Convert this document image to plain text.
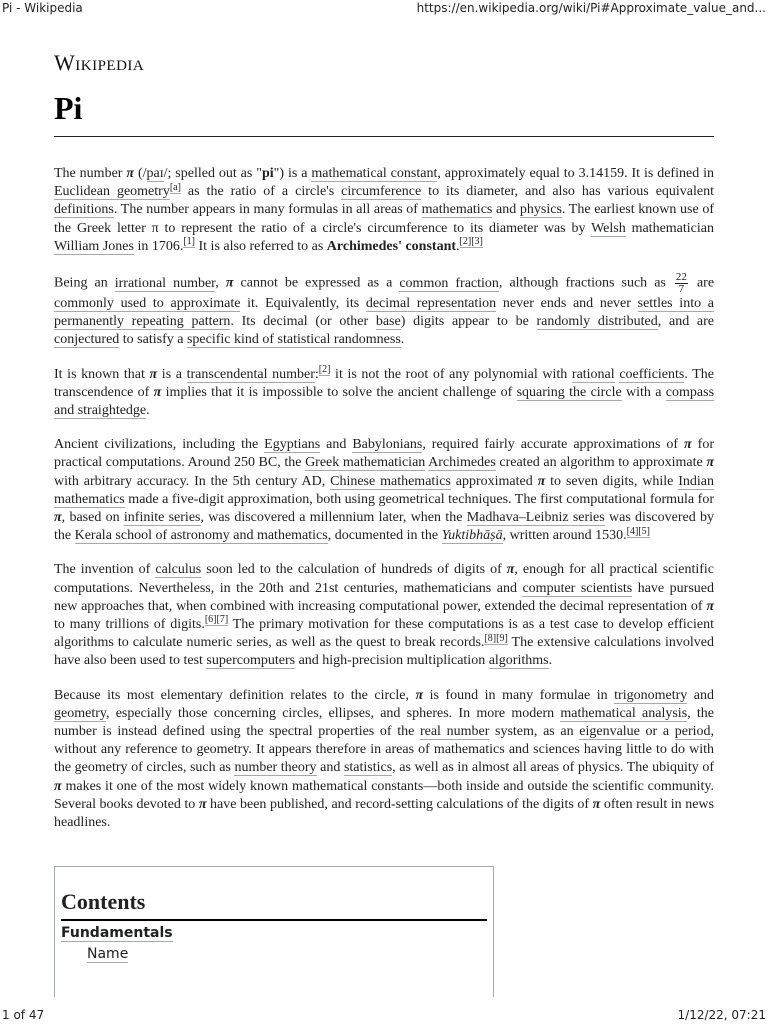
Pi - Wikipedia	https://en.wikipedia.org/wiki/Pi#Approximate_value_and...
Wikipedia
Pi

The number π (/paɪ/; spelled out as "pi") is a mathematical constant, approximately equal to 3.14159. It is defined in Euclidean geometry[a] as the ratio of a circle's circumference to its diameter, and also has various equivalent definitions. The number appears in many formulas in all areas of mathematics and physics. The earliest known use of the Greek letter π to represent the ratio of a circle's circumference to its diameter was by Welsh mathematician William Jones in 1706.[1] It is also referred to as Archimedes' constant.[2][3]

Being an irrational number, π cannot be expressed as a common fraction, although fractions such as $\frac{22}{7}$ are commonly used to approximate it. Equivalently, its decimal representation never ends and never settles into a permanently repeating pattern. Its decimal (or other base) digits appear to be randomly distributed, and are conjectured to satisfy a specific kind of statistical randomness.

It is known that π is a transcendental number:[2] it is not the root of any polynomial with rational coefficients. The transcendence of π implies that it is impossible to solve the ancient challenge of squaring the circle with a compass and straightedge.

Ancient civilizations, including the Egyptians and Babylonians, required fairly accurate approximations of π for practical computations. Around 250 BC, the Greek mathematician Archimedes created an algorithm to approximate π with arbitrary accuracy. In the 5th century AD, Chinese mathematics approximated π to seven digits, while Indian mathematics made a five-digit approximation, both using geometrical techniques. The first computational formula for π, based on infinite series, was discovered a millennium later, when the Madhava–Leibniz series was discovered by the Kerala school of astronomy and mathematics, documented in the Yuktibhāṣā, written around 1530.[4][5]

The invention of calculus soon led to the calculation of hundreds of digits of π, enough for all practical scientific computations. Nevertheless, in the 20th and 21st centuries, mathematicians and computer scientists have pursued new approaches that, when combined with increasing computational power, extended the decimal representation of π to many trillions of digits.[6][7] The primary motivation for these computations is as a test case to develop efficient algorithms to calculate numeric series, as well as the quest to break records.[8][9] The extensive calculations involved have also been used to test supercomputers and high-precision multiplication algorithms.

Because its most elementary definition relates to the circle, π is found in many formulae in trigonometry and geometry, especially those concerning circles, ellipses, and spheres. In more modern mathematical analysis, the number is instead defined using the spectral properties of the real number system, as an eigenvalue or a period, without any reference to geometry. It appears therefore in areas of mathematics and sciences having little to do with the geometry of circles, such as number theory and statistics, as well as in almost all areas of physics. The ubiquity of π makes it one of the most widely known mathematical constants—both inside and outside the scientific community. Several books devoted to π have been published, and record-setting calculations of the digits of π often result in news headlines.

Contents
Fundamentals
Name
1 of 47	1/12/22, 07:21
